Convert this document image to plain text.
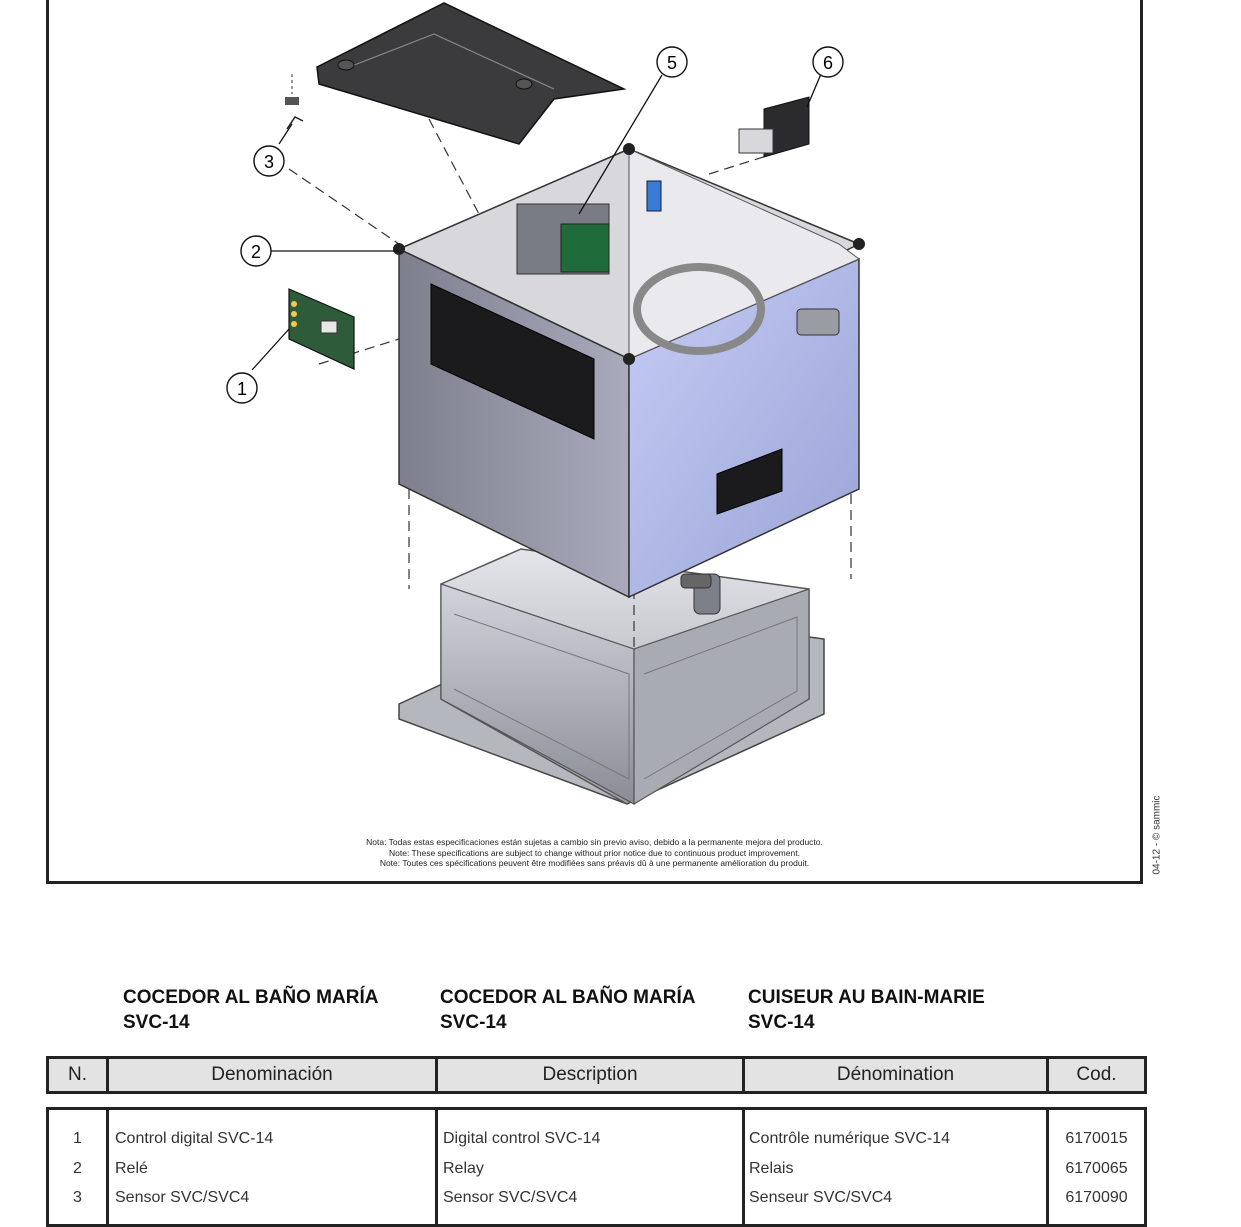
1
2
3
5	6
Nota: Todas estas especificaciones están sujetas a cambio sin previo aviso, debido a la permanente mejora del producto.
Note: These specifications are subject to change without prior notice due to continuous product improvement.
Note: Toutes ces spécifications peuvent être modifiées sans préavis dû à une permanente amélioration du produit.	04-12 - © sammic
COCEDOR AL BAÑO MARÍA
SVC-14
COCEDOR AL BAÑO MARÍA
SVC-14
CUISEUR AU BAIN-MARIE
SVC-14
N.	Denominación	Description	Dénomination	Cod.
1	Control digital SVC-14	Digital control SVC-14	Contrôle numérique SVC-14	6170015
2	Relé	Relay	Relais	6170065
3	Sensor SVC/SVC4	Sensor SVC/SVC4	Senseur SVC/SVC4	6170090
